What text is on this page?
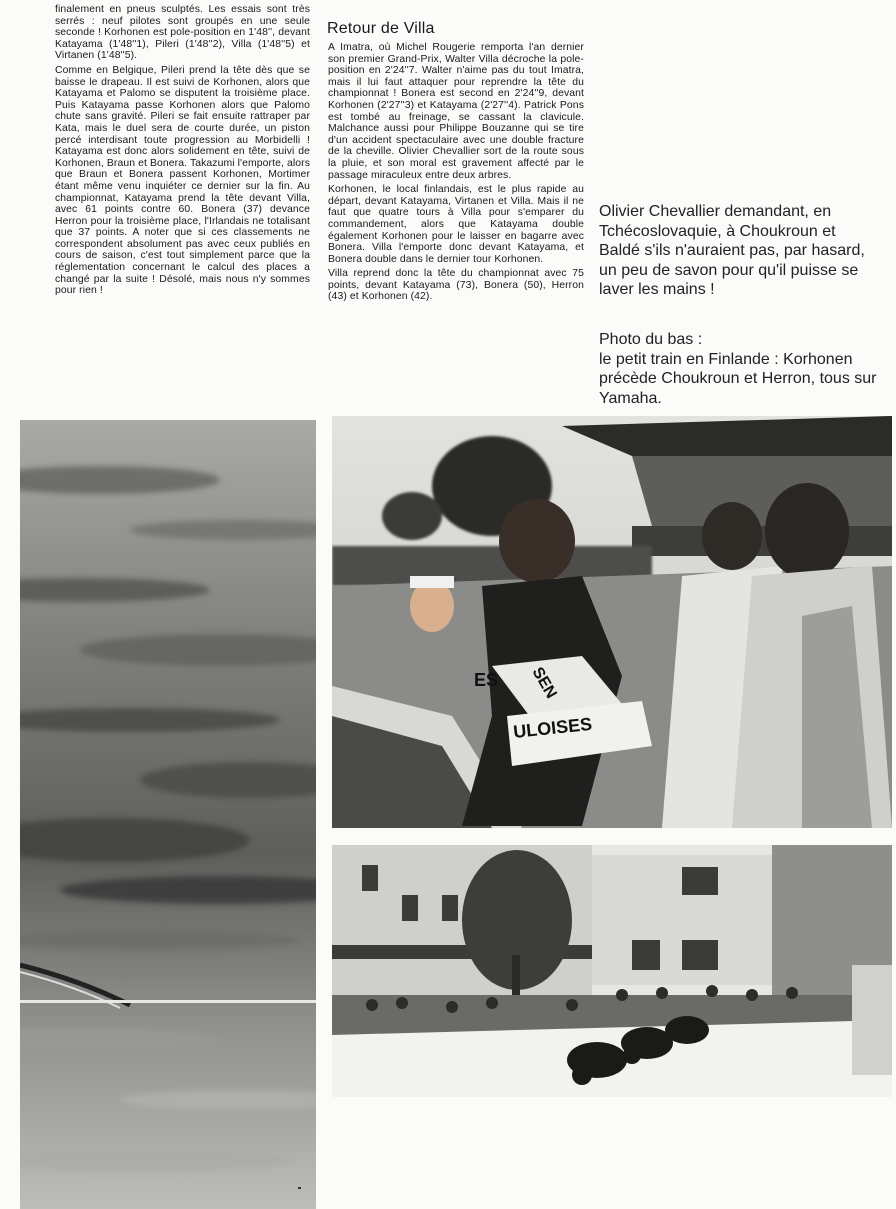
finalement en pneus sculptés. Les essais sont très serrés : neuf pilotes sont groupés en une seule seconde ! Korhonen est pole-position en 1'48'', devant Katayama (1'48''1), Pileri (1'48''2), Villa (1'48''5) et Virtanen (1'48''5).

Comme en Belgique, Pileri prend la tête dès que se baisse le drapeau. Il est suivi de Korhonen, alors que Katayama et Palomo se disputent la troisième place. Puis Katayama passe Korhonen alors que Palomo chute sans gravité. Pileri se fait ensuite rattraper par Kata, mais le duel sera de courte durée, un piston percé interdisant toute progression au Morbidelli ! Katayama est donc alors solidement en tête, suivi de Korhonen, Braun et Bonera. Takazumi l'emporte, alors que Braun et Bonera passent Korhonen, Mortimer étant même venu inquiéter ce dernier sur la fin. Au championnat, Katayama prend la tête devant Villa, avec 61 points contre 60. Bonera (37) devance Herron pour la troisième place, l'Irlandais ne totalisant que 37 points. A noter que si ces classements ne correspondent absolument pas avec ceux publiés en cours de saison, c'est tout simplement parce que la réglementation concernant le calcul des places a changé par la suite ! Désolé, mais nous n'y sommes pour rien !

Retour de Villa

A Imatra, où Michel Rougerie remporta l'an dernier son premier Grand-Prix, Walter Villa décroche la pole-position en 2'24''7. Walter n'aime pas du tout Imatra, mais il lui faut attaquer pour reprendre la tête du championnat ! Bonera est second en 2'24''9, devant Korhonen (2'27''3) et Katayama (2'27''4). Patrick Pons est tombé au freinage, se cassant la clavicule. Malchance aussi pour Philippe Bouzanne qui se tire d'un accident spectaculaire avec une double fracture de la cheville. Olivier Chevallier sort de la route sous la pluie, et son moral est gravement affecté par le passage miraculeux entre deux arbres.

Korhonen, le local finlandais, est le plus rapide au départ, devant Katayama, Virtanen et Villa. Mais il ne faut que quatre tours à Villa pour s'emparer du commandement, alors que Katayama double également Korhonen pour le laisser en bagarre avec Bonera. Villa l'emporte donc devant Katayama, et Bonera double dans le dernier tour Korhonen.

Villa reprend donc la tête du championnat avec 75 points, devant Katayama (73), Bonera (50), Herron (43) et Korhonen (42).

Olivier Chevallier demandant, en Tchécoslovaquie, à Choukroun et Baldé s'ils n'auraient pas, par hasard, un peu de savon pour qu'il puisse se laver les mains !
Photo du bas :
le petit train en Finlande : Korhonen précède Choukroun et Herron, tous sur Yamaha.
ULOISES
SEN
ES
